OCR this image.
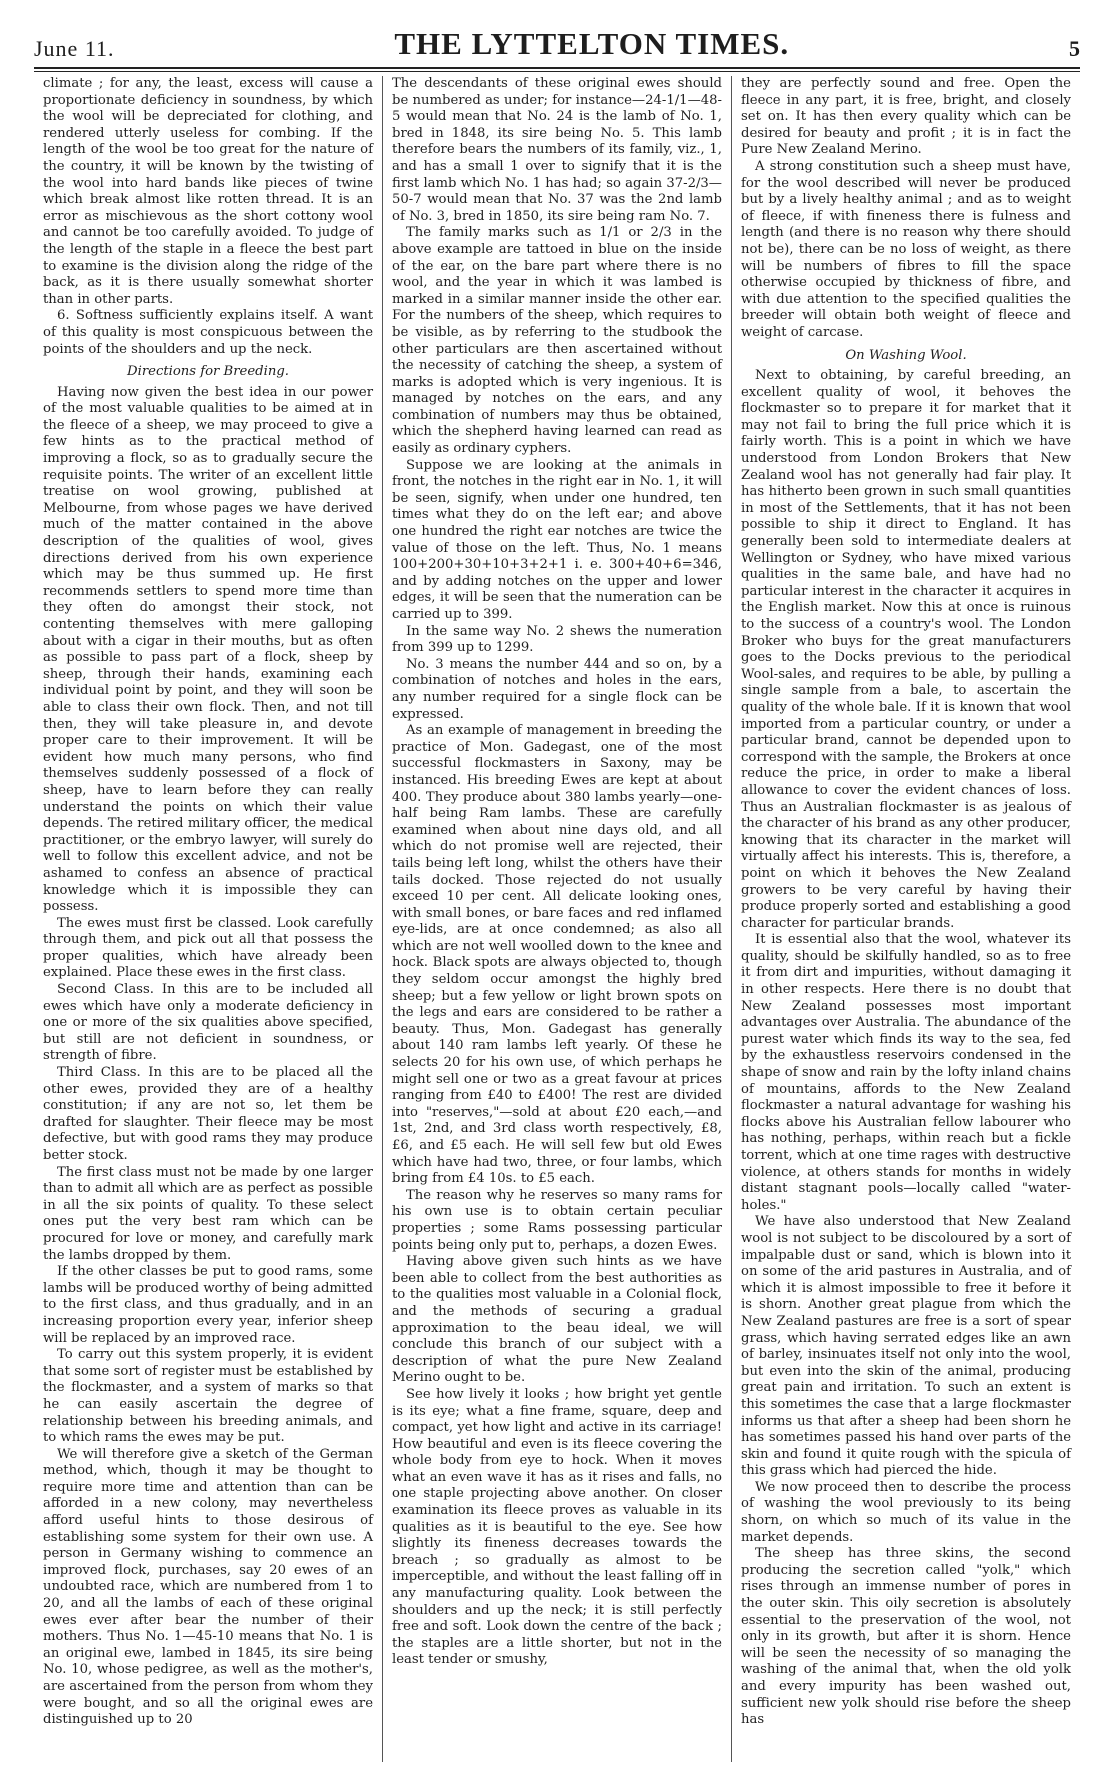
June 11.	THE LYTTELTON TIMES.	5

climate ; for any, the least, excess will cause a proportionate deficiency in soundness, by which the wool will be depreciated for clothing, and rendered utterly useless for combing. If the length of the wool be too great for the nature of the country, it will be known by the twisting of the wool into hard bands like pieces of twine which break almost like rotten thread. It is an error as mischievous as the short cottony wool and cannot be too carefully avoided. To judge of the length of the staple in a fleece the best part to examine is the division along the ridge of the back, as it is there usually somewhat shorter than in other parts.

6. Softness sufficiently explains itself. A want of this quality is most conspicuous between the points of the shoulders and up the neck.

Directions for Breeding.

Having now given the best idea in our power of the most valuable qualities to be aimed at in the fleece of a sheep, we may proceed to give a few hints as to the practical method of improving a flock, so as to gradually secure the requisite points. The writer of an excellent little treatise on wool growing, published at Melbourne, from whose pages we have derived much of the matter contained in the above description of the qualities of wool, gives directions derived from his own experience which may be thus summed up. He first recommends settlers to spend more time than they often do amongst their stock, not contenting themselves with mere galloping about with a cigar in their mouths, but as often as possible to pass part of a flock, sheep by sheep, through their hands, examining each individual point by point, and they will soon be able to class their own flock. Then, and not till then, they will take pleasure in, and devote proper care to their improvement. It will be evident how much many persons, who find themselves suddenly possessed of a flock of sheep, have to learn before they can really understand the points on which their value depends. The retired military officer, the medical practitioner, or the embryo lawyer, will surely do well to follow this excellent advice, and not be ashamed to confess an absence of practical knowledge which it is impossible they can possess.

The ewes must first be classed. Look carefully through them, and pick out all that possess the proper qualities, which have already been explained. Place these ewes in the first class.

Second Class. In this are to be included all ewes which have only a moderate deficiency in one or more of the six qualities above specified, but still are not deficient in soundness, or strength of fibre.

Third Class. In this are to be placed all the other ewes, provided they are of a healthy constitution; if any are not so, let them be drafted for slaughter. Their fleece may be most defective, but with good rams they may produce better stock.

The first class must not be made by one larger than to admit all which are as perfect as possible in all the six points of quality. To these select ones put the very best ram which can be procured for love or money, and carefully mark the lambs dropped by them.

If the other classes be put to good rams, some lambs will be produced worthy of being admitted to the first class, and thus gradually, and in an increasing proportion every year, inferior sheep will be replaced by an improved race.

To carry out this system properly, it is evident that some sort of register must be established by the flockmaster, and a system of marks so that he can easily ascertain the degree of relationship between his breeding animals, and to which rams the ewes may be put.

We will therefore give a sketch of the German method, which, though it may be thought to require more time and attention than can be afforded in a new colony, may nevertheless afford useful hints to those desirous of establishing some system for their own use. A person in Germany wishing to commence an improved flock, purchases, say 20 ewes of an undoubted race, which are numbered from 1 to 20, and all the lambs of each of these original ewes ever after bear the number of their mothers. Thus No. 1—45-10 means that No. 1 is an original ewe, lambed in 1845, its sire being No. 10, whose pedigree, as well as the mother's, are ascertained from the person from whom they were bought, and so all the original ewes are distinguished up to 20

The descendants of these original ewes should be numbered as under; for instance—24-1/1—48-5 would mean that No. 24 is the lamb of No. 1, bred in 1848, its sire being No. 5. This lamb therefore bears the numbers of its family, viz., 1, and has a small 1 over to signify that it is the first lamb which No. 1 has had; so again 37-2/3—50-7 would mean that No. 37 was the 2nd lamb of No. 3, bred in 1850, its sire being ram No. 7.

The family marks such as 1/1 or 2/3 in the above example are tattoed in blue on the inside of the ear, on the bare part where there is no wool, and the year in which it was lambed is marked in a similar manner inside the other ear. For the numbers of the sheep, which requires to be visible, as by referring to the studbook the other particulars are then ascertained without the necessity of catching the sheep, a system of marks is adopted which is very ingenious. It is managed by notches on the ears, and any combination of numbers may thus be obtained, which the shepherd having learned can read as easily as ordinary cyphers.

Suppose we are looking at the animals in front, the notches in the right ear in No. 1, it will be seen, signify, when under one hundred, ten times what they do on the left ear; and above one hundred the right ear notches are twice the value of those on the left. Thus, No. 1 means 100+200+30+10+3+2+1 i. e. 300+40+6=346, and by adding notches on the upper and lower edges, it will be seen that the numeration can be carried up to 399.

In the same way No. 2 shews the numeration from 399 up to 1299.

No. 3 means the number 444 and so on, by a combination of notches and holes in the ears, any number required for a single flock can be expressed.

As an example of management in breeding the practice of Mon. Gadegast, one of the most successful flockmasters in Saxony, may be instanced. His breeding Ewes are kept at about 400. They produce about 380 lambs yearly—one-half being Ram lambs. These are carefully examined when about nine days old, and all which do not promise well are rejected, their tails being left long, whilst the others have their tails docked. Those rejected do not usually exceed 10 per cent. All delicate looking ones, with small bones, or bare faces and red inflamed eye-lids, are at once condemned; as also all which are not well woolled down to the knee and hock. Black spots are always objected to, though they seldom occur amongst the highly bred sheep; but a few yellow or light brown spots on the legs and ears are considered to be rather a beauty. Thus, Mon. Gadegast has generally about 140 ram lambs left yearly. Of these he selects 20 for his own use, of which perhaps he might sell one or two as a great favour at prices ranging from £40 to £400! The rest are divided into "reserves,"—sold at about £20 each,—and 1st, 2nd, and 3rd class worth respectively, £8, £6, and £5 each. He will sell few but old Ewes which have had two, three, or four lambs, which bring from £4 10s. to £5 each.

The reason why he reserves so many rams for his own use is to obtain certain peculiar properties ; some Rams possessing particular points being only put to, perhaps, a dozen Ewes.

Having above given such hints as we have been able to collect from the best authorities as to the qualities most valuable in a Colonial flock, and the methods of securing a gradual approximation to the beau ideal, we will conclude this branch of our subject with a description of what the pure New Zealand Merino ought to be.

See how lively it looks ; how bright yet gentle is its eye; what a fine frame, square, deep and compact, yet how light and active in its carriage! How beautiful and even is its fleece covering the whole body from eye to hock. When it moves what an even wave it has as it rises and falls, no one staple projecting above another. On closer examination its fleece proves as valuable in its qualities as it is beautiful to the eye. See how slightly its fineness decreases towards the breach ; so gradually as almost to be imperceptible, and without the least falling off in any manufacturing quality. Look between the shoulders and up the neck; it is still perfectly free and soft. Look down the centre of the back ; the staples are a little shorter, but not in the least tender or smushy,

they are perfectly sound and free. Open the fleece in any part, it is free, bright, and closely set on. It has then every quality which can be desired for beauty and profit ; it is in fact the Pure New Zealand Merino.

A strong constitution such a sheep must have, for the wool described will never be produced but by a lively healthy animal ; and as to weight of fleece, if with fineness there is fulness and length (and there is no reason why there should not be), there can be no loss of weight, as there will be numbers of fibres to fill the space otherwise occupied by thickness of fibre, and with due attention to the specified qualities the breeder will obtain both weight of fleece and weight of carcase.

On Washing Wool.

Next to obtaining, by careful breeding, an excellent quality of wool, it behoves the flockmaster so to prepare it for market that it may not fail to bring the full price which it is fairly worth. This is a point in which we have understood from London Brokers that New Zealand wool has not generally had fair play. It has hitherto been grown in such small quantities in most of the Settlements, that it has not been possible to ship it direct to England. It has generally been sold to intermediate dealers at Wellington or Sydney, who have mixed various qualities in the same bale, and have had no particular interest in the character it acquires in the English market. Now this at once is ruinous to the success of a country's wool. The London Broker who buys for the great manufacturers goes to the Docks previous to the periodical Wool-sales, and requires to be able, by pulling a single sample from a bale, to ascertain the quality of the whole bale. If it is known that wool imported from a particular country, or under a particular brand, cannot be depended upon to correspond with the sample, the Brokers at once reduce the price, in order to make a liberal allowance to cover the evident chances of loss. Thus an Australian flockmaster is as jealous of the character of his brand as any other producer, knowing that its character in the market will virtually affect his interests. This is, therefore, a point on which it behoves the New Zealand growers to be very careful by having their produce properly sorted and establishing a good character for particular brands.

It is essential also that the wool, whatever its quality, should be skilfully handled, so as to free it from dirt and impurities, without damaging it in other respects. Here there is no doubt that New Zealand possesses most important advantages over Australia. The abundance of the purest water which finds its way to the sea, fed by the exhaustless reservoirs condensed in the shape of snow and rain by the lofty inland chains of mountains, affords to the New Zealand flockmaster a natural advantage for washing his flocks above his Australian fellow labourer who has nothing, perhaps, within reach but a fickle torrent, which at one time rages with destructive violence, at others stands for months in widely distant stagnant pools—locally called "water-holes."

We have also understood that New Zealand wool is not subject to be discoloured by a sort of impalpable dust or sand, which is blown into it on some of the arid pastures in Australia, and of which it is almost impossible to free it before it is shorn. Another great plague from which the New Zealand pastures are free is a sort of spear grass, which having serrated edges like an awn of barley, insinuates itself not only into the wool, but even into the skin of the animal, producing great pain and irritation. To such an extent is this sometimes the case that a large flockmaster informs us that after a sheep had been shorn he has sometimes passed his hand over parts of the skin and found it quite rough with the spicula of this grass which had pierced the hide.

We now proceed then to describe the process of washing the wool previously to its being shorn, on which so much of its value in the market depends.

The sheep has three skins, the second producing the secretion called "yolk," which rises through an immense number of pores in the outer skin. This oily secretion is absolutely essential to the preservation of the wool, not only in its growth, but after it is shorn. Hence will be seen the necessity of so managing the washing of the animal that, when the old yolk and every impurity has been washed out, sufficient new yolk should rise before the sheep has
